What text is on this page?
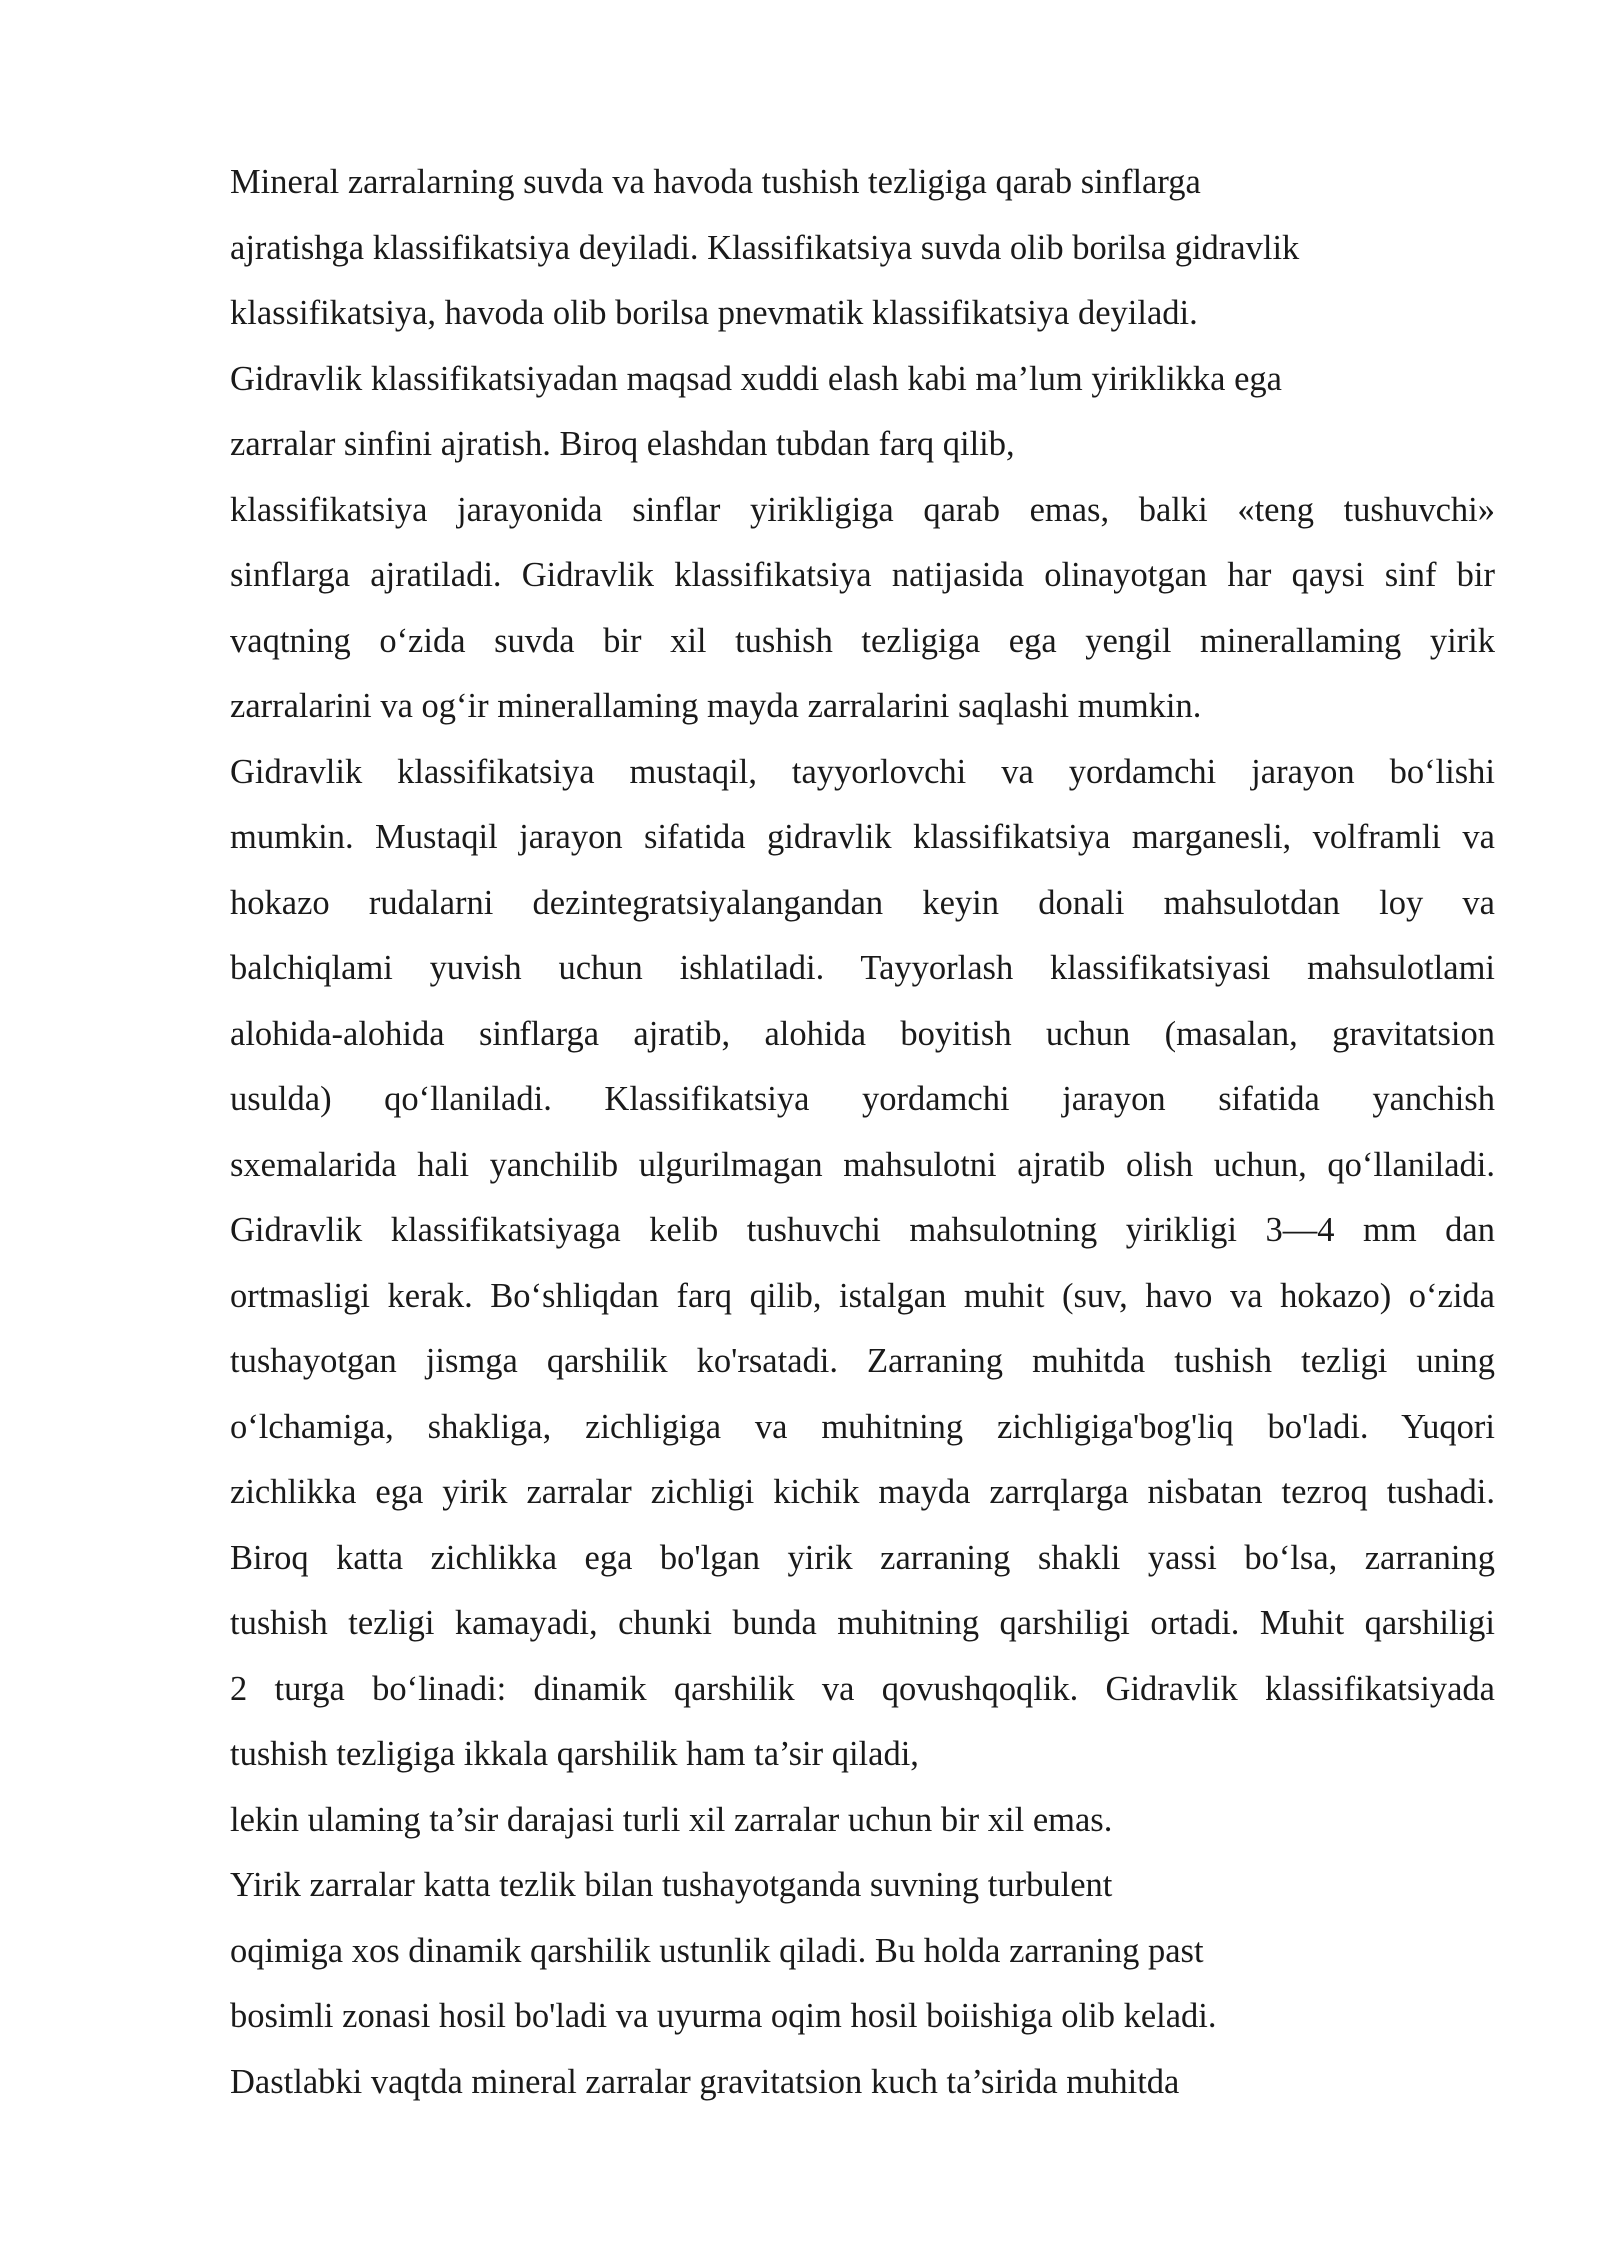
Mineral zarralarning suvda va havoda tushish tezligiga qarab sinflarga
ajratishga klassifikatsiya deyiladi. Klassifikatsiya suvda olib borilsa gidravlik
klassifikatsiya, havoda olib borilsa pnevmatik klassifikatsiya deyiladi.
Gidravlik klassifikatsiyadan maqsad xuddi elash kabi ma’lum yiriklikka ega
zarralar sinfini ajratish. Biroq elashdan tubdan farq qilib,
klassifikatsiya jarayonida sinflar yirikligiga qarab emas, balki «teng tushuvchi»
sinflarga ajratiladi. Gidravlik klassifikatsiya natijasida olinayotgan har qaysi sinf bir
vaqtning o‘zida suvda bir xil tushish tezligiga ega yengil minerallaming yirik
zarralarini va og‘ir minerallaming mayda zarralarini saqlashi mumkin.
Gidravlik klassifikatsiya mustaqil, tayyorlovchi va yordamchi jarayon bo‘lishi
mumkin. Mustaqil jarayon sifatida gidravlik klassifikatsiya marganesli, volframli va
hokazo rudalarni dezintegratsiyalangandan keyin donali mahsulotdan loy va
balchiqlami yuvish uchun ishlatiladi. Tayyorlash klassifikatsiyasi mahsulotlami
alohida-alohida sinflarga ajratib, alohida boyitish uchun (masalan, gravitatsion
usulda) qo‘llaniladi. Klassifikatsiya yordamchi jarayon sifatida yanchish
sxemalarida hali yanchilib ulgurilmagan mahsulotni ajratib olish uchun, qo‘llaniladi.
Gidravlik klassifikatsiyaga kelib tushuvchi mahsulotning yirikligi 3—4 mm dan
ortmasligi kerak. Bo‘shliqdan farq qilib, istalgan muhit (suv, havo va hokazo) o‘zida
tushayotgan jismga qarshilik ko'rsatadi. Zarraning muhitda tushish tezligi uning
o‘lchamiga, shakliga, zichligiga va muhitning zichligiga'bog'liq bo'ladi. Yuqori
zichlikka ega yirik zarralar zichligi kichik mayda zarrqlarga nisbatan tezroq tushadi.
Biroq katta zichlikka ega bo'lgan yirik zarraning shakli yassi bo‘lsa, zarraning
tushish tezligi kamayadi, chunki bunda muhitning qarshiligi ortadi. Muhit qarshiligi
2 turga bo‘linadi: dinamik qarshilik va qovushqoqlik. Gidravlik klassifikatsiyada
tushish tezligiga ikkala qarshilik ham ta’sir qiladi,
lekin ulaming ta’sir darajasi turli xil zarralar uchun bir xil emas.
Yirik zarralar katta tezlik bilan tushayotganda suvning turbulent
oqimiga xos dinamik qarshilik ustunlik qiladi. Bu holda zarraning past
bosimli zonasi hosil bo'ladi va uyurma oqim hosil boiishiga olib keladi.
Dastlabki vaqtda mineral zarralar gravitatsion kuch ta’sirida muhitda
